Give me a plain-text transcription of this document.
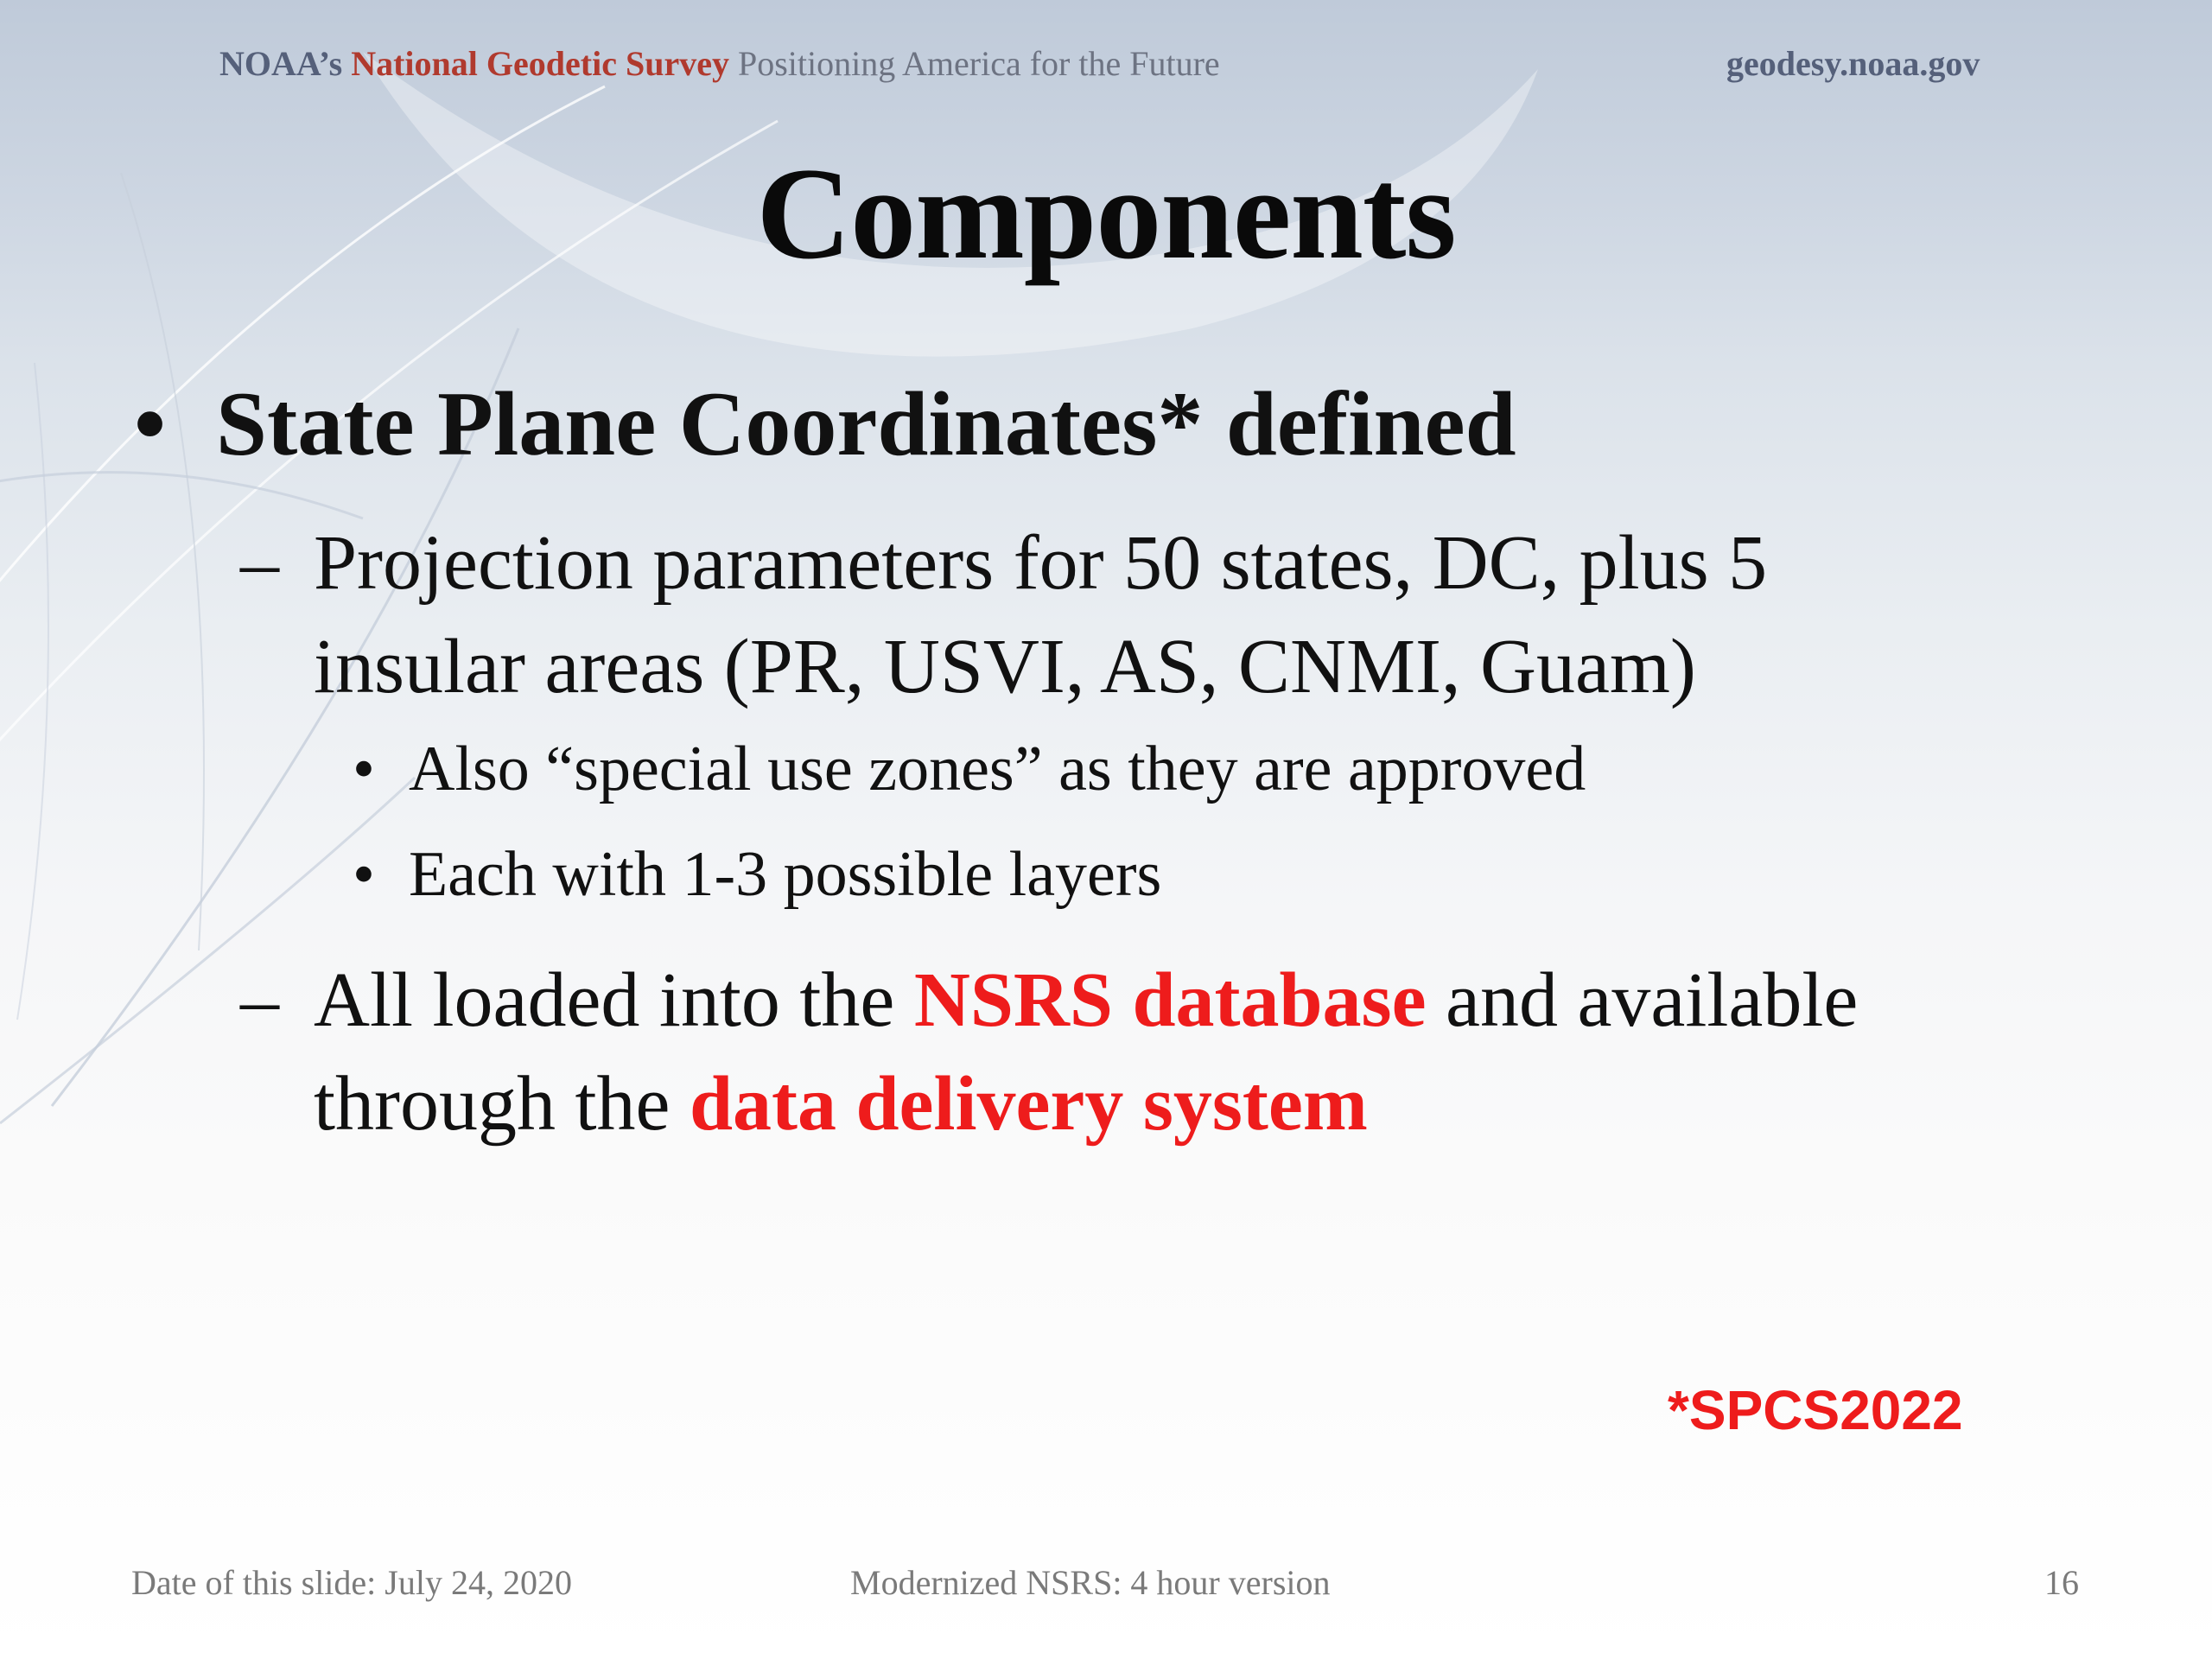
NOAA’s National Geodetic Survey Positioning America for the Future	geodesy.noaa.gov
Components
• State Plane Coordinates* defined
– Projection parameters for 50 states, DC, plus 5
insular areas (PR, USVI, AS, CNMI, Guam)
• Also “special use zones” as they are approved
• Each with 1-3 possible layers
– All loaded into the NSRS database and available
through the data delivery system
*SPCS2022
Date of this slide: July 24, 2020	Modernized NSRS: 4 hour version	16
